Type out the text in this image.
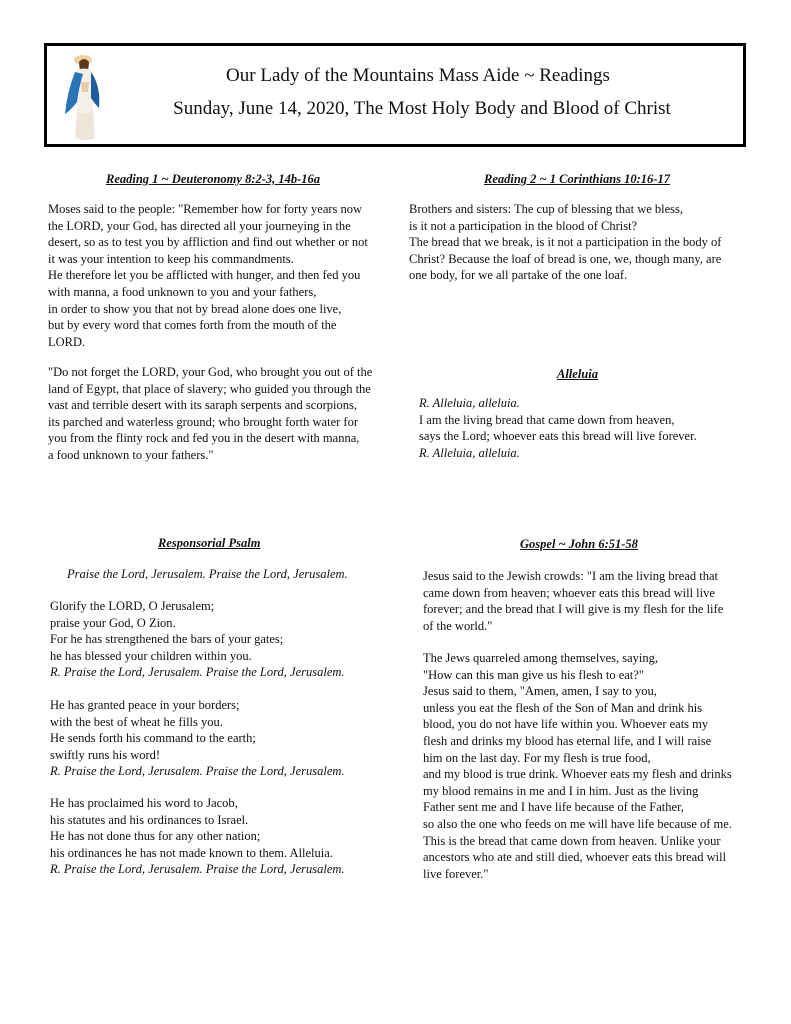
Our Lady of the Mountains Mass Aide ~ Readings
Sunday, June 14, 2020, The Most Holy Body and Blood of Christ
Reading 1 ~ Deuteronomy 8:2-3, 14b-16a
Moses said to the people: "Remember how for forty years now
the LORD, your God, has directed all your journeying in the
desert, so as to test you by affliction and find out whether or not
it was your intention to keep his commandments.
He therefore let you be afflicted with hunger, and then fed you
with manna, a food unknown to you and your fathers,
in order to show you that not by bread alone does one live,
but by every word that comes forth from the mouth of the
LORD.
"Do not forget the LORD, your God, who brought you out of the
land of Egypt, that place of slavery; who guided you through the
vast and terrible desert with its saraph serpents and scorpions,
its parched and waterless ground; who brought forth water for
you from the flinty rock and fed you in the desert with manna,
a food unknown to your fathers."
Reading 2 ~ 1 Corinthians 10:16-17
Brothers and sisters: The cup of blessing that we bless,
is it not a participation in the blood of Christ?
The bread that we break, is it not a participation in the body of
Christ? Because the loaf of bread is one, we, though many, are
one body, for we all partake of the one loaf.
Alleluia
R. Alleluia, alleluia.
I am the living bread that came down from heaven,
says the Lord; whoever eats this bread will live forever.
R. Alleluia, alleluia.
Responsorial Psalm
Praise the Lord, Jerusalem. Praise the Lord, Jerusalem.
Glorify the LORD, O Jerusalem;
praise your God, O Zion.
For he has strengthened the bars of your gates;
he has blessed your children within you.
R. Praise the Lord, Jerusalem. Praise the Lord, Jerusalem.
He has granted peace in your borders;
with the best of wheat he fills you.
He sends forth his command to the earth;
swiftly runs his word!
R. Praise the Lord, Jerusalem. Praise the Lord, Jerusalem.
He has proclaimed his word to Jacob,
his statutes and his ordinances to Israel.
He has not done thus for any other nation;
his ordinances he has not made known to them. Alleluia.
R. Praise the Lord, Jerusalem. Praise the Lord, Jerusalem.
Gospel ~ John 6:51-58
Jesus said to the Jewish crowds: "I am the living bread that
came down from heaven; whoever eats this bread will live
forever; and the bread that I will give is my flesh for the life
of the world."
The Jews quarreled among themselves, saying,
"How can this man give us his flesh to eat?"
Jesus said to them, "Amen, amen, I say to you,
unless you eat the flesh of the Son of Man and drink his
blood, you do not have life within you. Whoever eats my
flesh and drinks my blood has eternal life, and I will raise
him on the last day. For my flesh is true food,
and my blood is true drink. Whoever eats my flesh and drinks
my blood remains in me and I in him. Just as the living
Father sent me and I have life because of the Father,
so also the one who feeds on me will have life because of me.
This is the bread that came down from heaven. Unlike your
ancestors who ate and still died, whoever eats this bread will
live forever."
